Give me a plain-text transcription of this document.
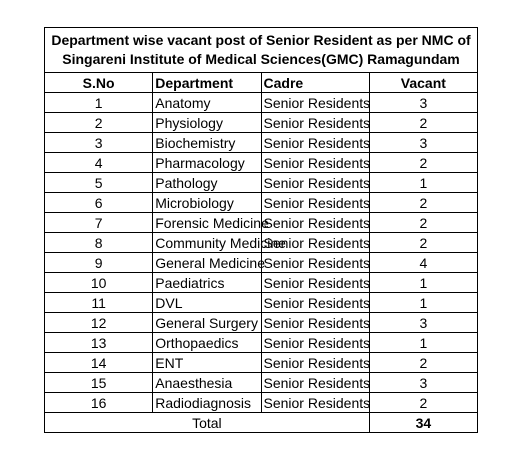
Department wise vacant post of Senior Resident as per NMC of
Singareni Institute of Medical Sciences(GMC) Ramagundam			

S.No	Department	Cadre	Vacant
1	Anatomy	Senior Residents	3
2	Physiology	Senior Residents	2
3	Biochemistry	Senior Residents	3
4	Pharmacology	Senior Residents	2
5	Pathology	Senior Residents	1
6	Microbiology	Senior Residents	2
7	Forensic Medicine	Senior Residents	2
8	Community Medicine	Senior Residents	2
9	General Medicine	Senior Residents	4
10	Paediatrics	Senior Residents	1
11	DVL	Senior Residents	1
12	General Surgery	Senior Residents	3
13	Orthopaedics	Senior Residents	1
14	ENT	Senior Residents	2
15	Anaesthesia	Senior Residents	3
16	Radiodiagnosis	Senior Residents	2
Total			34
